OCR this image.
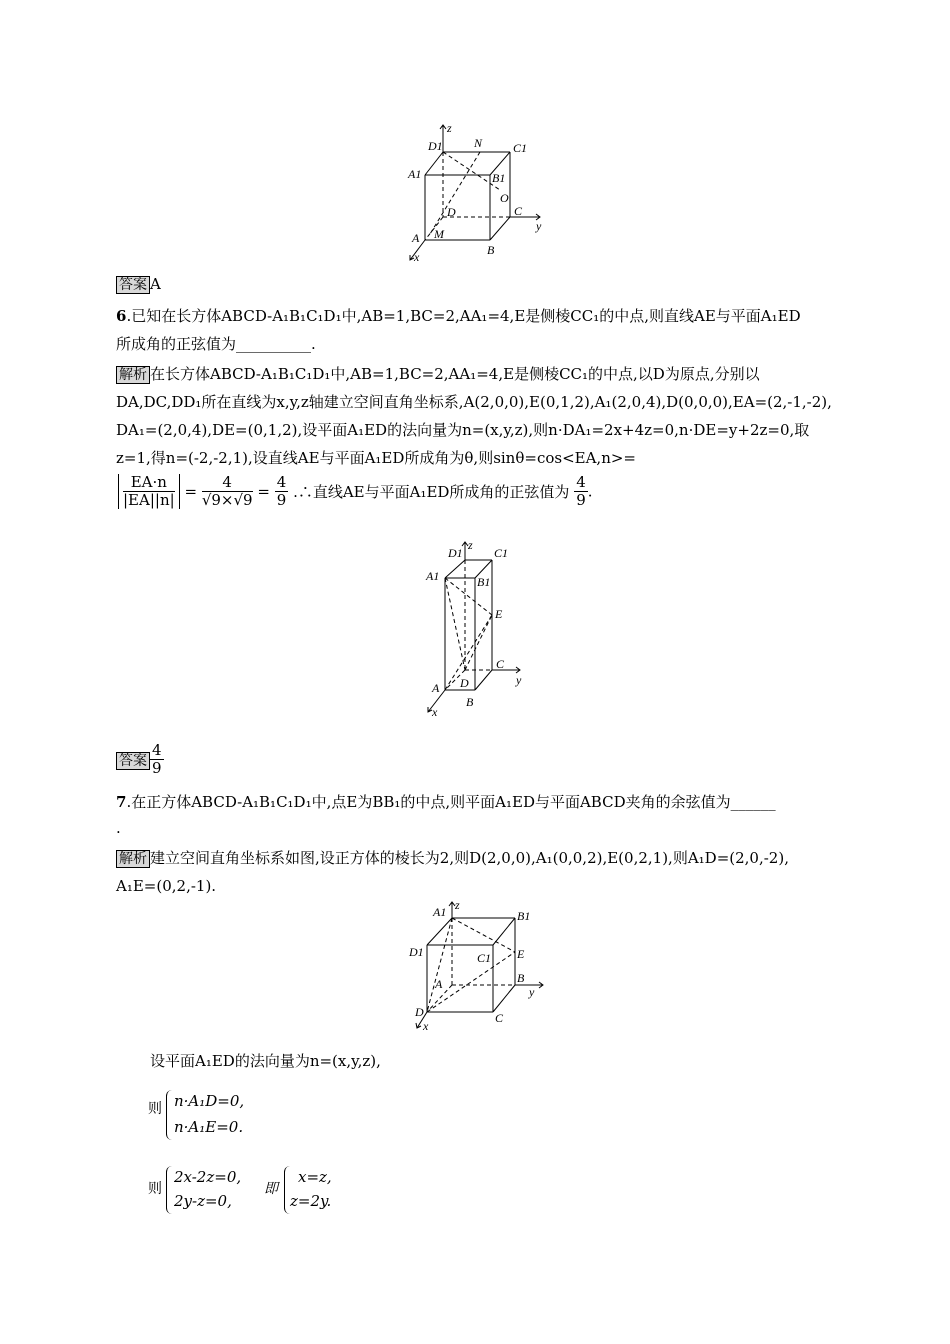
z
D1	N	C1
A1	B1
O
D	C
y
A M
B
x
答案 A
6.已知在长方体ABCD-A₁B₁C₁D₁中,AB=1,BC=2,AA₁=4,E是侧棱CC₁的中点,则直线AE与平面A₁ED
所成角的正弦值为__________.
解析 在长方体ABCD-A₁B₁C₁D₁中,AB=1,BC=2,AA₁=4,E是侧棱CC₁的中点,以D为原点,分别以
DA,DC,DD₁所在直线为x,y,z轴建立空间直角坐标系,A(2,0,0),E(0,1,2),A₁(2,0,4),D(0,0,0),EA=(2,-1,-2),
DA₁=(2,0,4),DE=(0,1,2),设平面A₁ED的法向量为n=(x,y,z),则n·DA₁=2x+4z=0,n·DE=y+2z=0,取
z=1,得n=(-2,-2,1),设直线AE与平面A₁ED所成角为θ,则sinθ=cos<EA,n>=
$\frac{EA\cdot n}{|EA||n|} = \frac{4}{√9\times√9} = \frac{4}{9}$ .∴直线AE与平面A₁ED所成角的正弦值为 $\frac{4}{9}$ .
z
D1	C1
A1	B1
E
C
y
A D
B
x
答案 $\frac{4}{9}$
7.在正方体ABCD-A₁B₁C₁D₁中,点E为BB₁的中点,则平面A₁ED与平面ABCD夹角的余弦值为______
.
解析 建立空间直角坐标系如图,设正方体的棱长为2,则D(2,0,0),A₁(0,0,2),E(0,2,1),则A₁D=(2,0,-2),
A₁E=(0,2,-1).
A1 z
B1
D1	E
C1
B
A
y
D
x
C
设平面A₁ED的法向量为n=(x,y,z),
则 n·A₁D=0,
n·A₁E=0.
则
2x-2z=0,
2y-z=0,
即
x=z,
z=2y.
